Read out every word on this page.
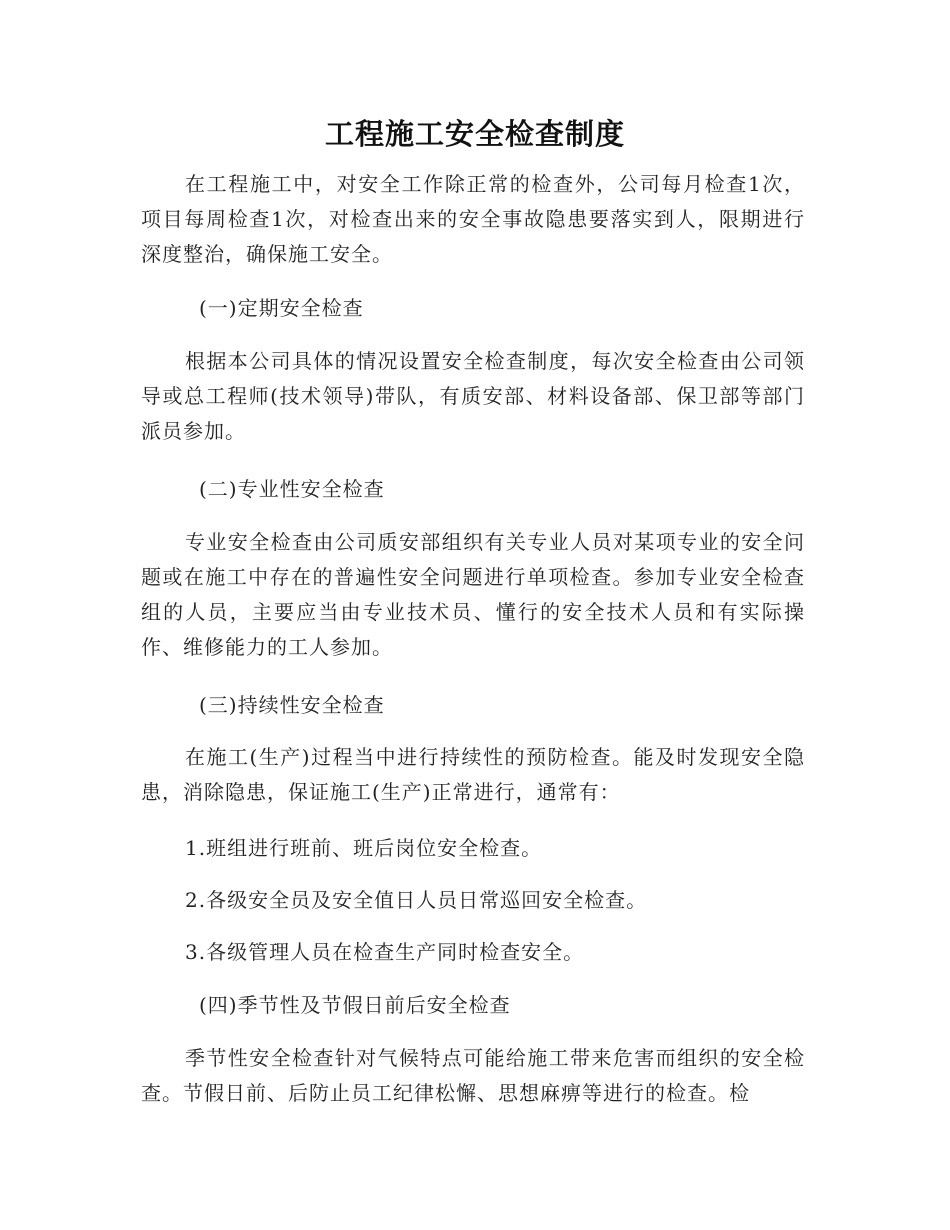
工程施工安全检查制度
在工程施工中，对安全工作除正常的检查外，公司每月检查1次，项目每周检查1次，对检查出来的安全事故隐患要落实到人，限期进行深度整治，确保施工安全。
(一)定期安全检查
根据本公司具体的情况设置安全检查制度，每次安全检查由公司领导或总工程师(技术领导)带队，有质安部、材料设备部、保卫部等部门派员参加。
(二)专业性安全检查
专业安全检查由公司质安部组织有关专业人员对某项专业的安全问题或在施工中存在的普遍性安全问题进行单项检查。参加专业安全检查组的人员，主要应当由专业技术员、懂行的安全技术人员和有实际操作、维修能力的工人参加。
(三)持续性安全检查
在施工(生产)过程当中进行持续性的预防检查。能及时发现安全隐患，消除隐患，保证施工(生产)正常进行，通常有：
1.班组进行班前、班后岗位安全检查。
2.各级安全员及安全值日人员日常巡回安全检查。
3.各级管理人员在检查生产同时检查安全。
(四)季节性及节假日前后安全检查
季节性安全检查针对气候特点可能给施工带来危害而组织的安全检查。节假日前、后防止员工纪律松懈、思想麻痹等进行的检查。检
